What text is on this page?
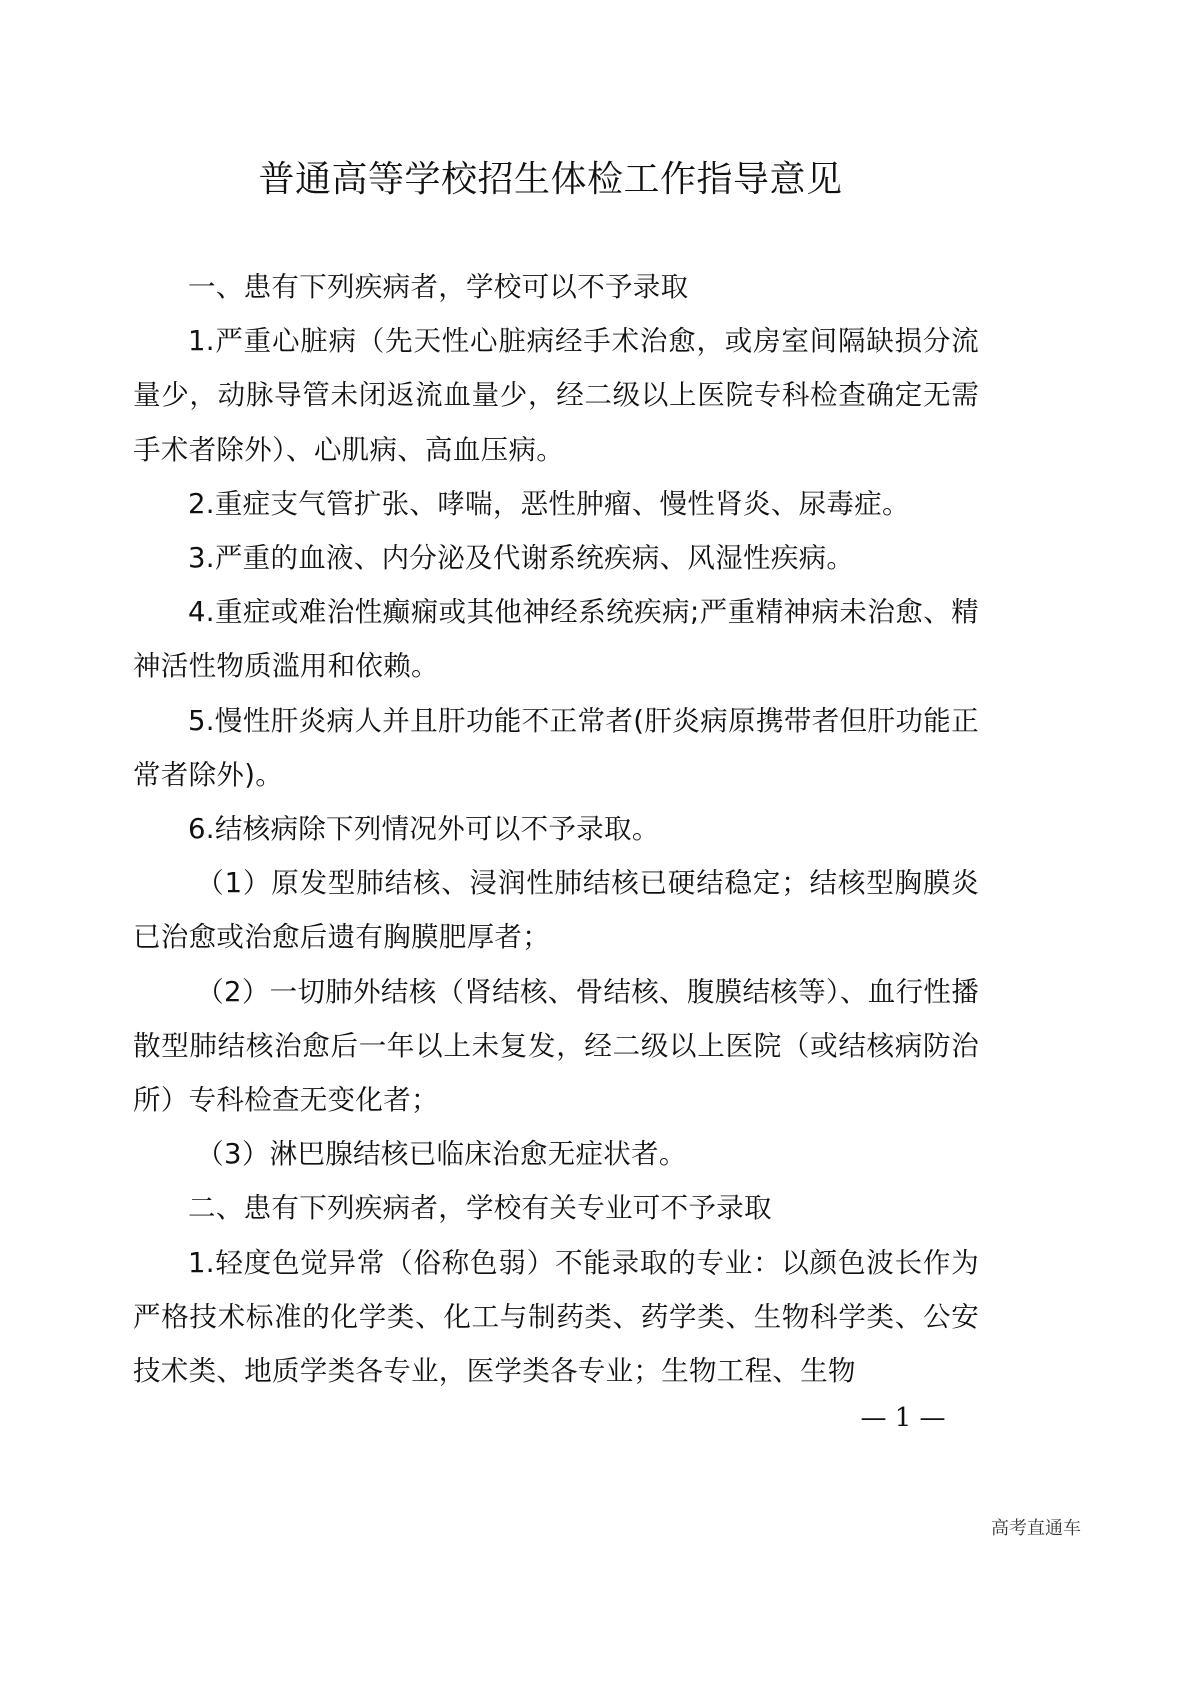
普通高等学校招生体检工作指导意见

一、患有下列疾病者，学校可以不予录取

1.严重心脏病（先天性心脏病经手术治愈，或房室间隔缺损分流量少，动脉导管未闭返流血量少，经二级以上医院专科检查确定无需手术者除外）、心肌病、高血压病。

2.重症支气管扩张、哮喘，恶性肿瘤、慢性肾炎、尿毒症。

3.严重的血液、内分泌及代谢系统疾病、风湿性疾病。

4.重症或难治性癫痫或其他神经系统疾病;严重精神病未治愈、精神活性物质滥用和依赖。

5.慢性肝炎病人并且肝功能不正常者(肝炎病原携带者但肝功能正常者除外)。

6.结核病除下列情况外可以不予录取。

（1）原发型肺结核、浸润性肺结核已硬结稳定；结核型胸膜炎已治愈或治愈后遗有胸膜肥厚者；

（2）一切肺外结核（肾结核、骨结核、腹膜结核等）、血行性播散型肺结核治愈后一年以上未复发，经二级以上医院（或结核病防治所）专科检查无变化者；

（3）淋巴腺结核已临床治愈无症状者。

二、患有下列疾病者，学校有关专业可不予录取

1.轻度色觉异常（俗称色弱）不能录取的专业：以颜色波长作为严格技术标准的化学类、化工与制药类、药学类、生物科学类、公安技术类、地质学类各专业，医学类各专业；生物工程、生物

— 1 —
高考直通车
